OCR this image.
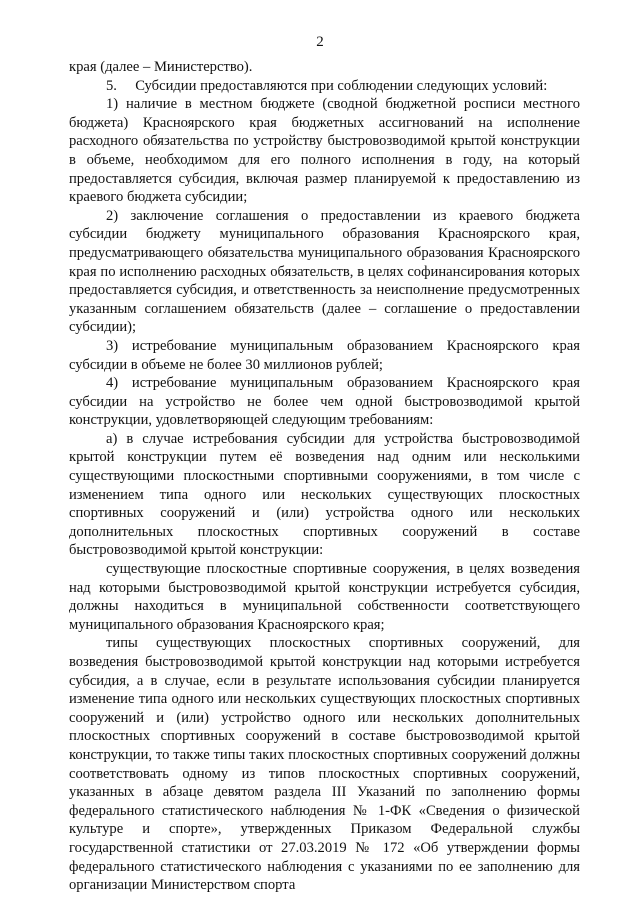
2

края (далее – Министерство).

5.     Субсидии предоставляются при соблюдении следующих условий:

1) наличие в местном бюджете (сводной бюджетной росписи местного бюджета) Красноярского края бюджетных ассигнований на исполнение расходного обязательства по устройству быстровозводимой крытой конструкции в объеме, необходимом для его полного исполнения в году, на который предоставляется субсидия, включая размер планируемой к предоставлению из краевого бюджета субсидии;

2) заключение соглашения о предоставлении из краевого бюджета субсидии бюджету муниципального образования Красноярского края, предусматривающего обязательства муниципального образования Красноярского края по исполнению расходных обязательств, в целях софинансирования которых предоставляется субсидия, и ответственность за неисполнение предусмотренных указанным соглашением обязательств (далее – соглашение о предоставлении субсидии);

3) истребование муниципальным образованием Красноярского края субсидии в объеме не более 30 миллионов рублей;

4) истребование муниципальным образованием Красноярского края субсидии на устройство не более чем одной быстровозводимой крытой конструкции, удовлетворяющей следующим требованиям:

а) в случае истребования субсидии для устройства быстровозводимой крытой конструкции путем её возведения над одним или несколькими существующими плоскостными спортивными сооружениями, в том числе с изменением типа одного или нескольких существующих плоскостных спортивных сооружений и (или) устройства одного или нескольких дополнительных плоскостных спортивных сооружений в составе быстровозводимой крытой конструкции:

существующие плоскостные спортивные сооружения, в целях возведения над которыми быстровозводимой крытой конструкции истребуется субсидия, должны находиться в муниципальной собственности соответствующего муниципального образования Красноярского края;

типы существующих плоскостных спортивных сооружений, для возведения быстровозводимой крытой конструкции над которыми истребуется субсидия, а в случае, если в результате использования субсидии планируется изменение типа одного или нескольких существующих плоскостных спортивных сооружений и (или) устройство одного или нескольких дополнительных плоскостных спортивных сооружений в составе быстровозводимой крытой конструкции, то также типы таких плоскостных спортивных сооружений должны соответствовать одному из типов плоскостных спортивных сооружений, указанных в абзаце девятом раздела III Указаний по заполнению формы федерального статистического наблюдения № 1-ФК «Сведения о физической культуре и спорте», утвержденных Приказом Федеральной службы государственной статистики от 27.03.2019 № 172 «Об утверждении формы федерального статистического наблюдения с указаниями по ее заполнению для организации Министерством спорта
